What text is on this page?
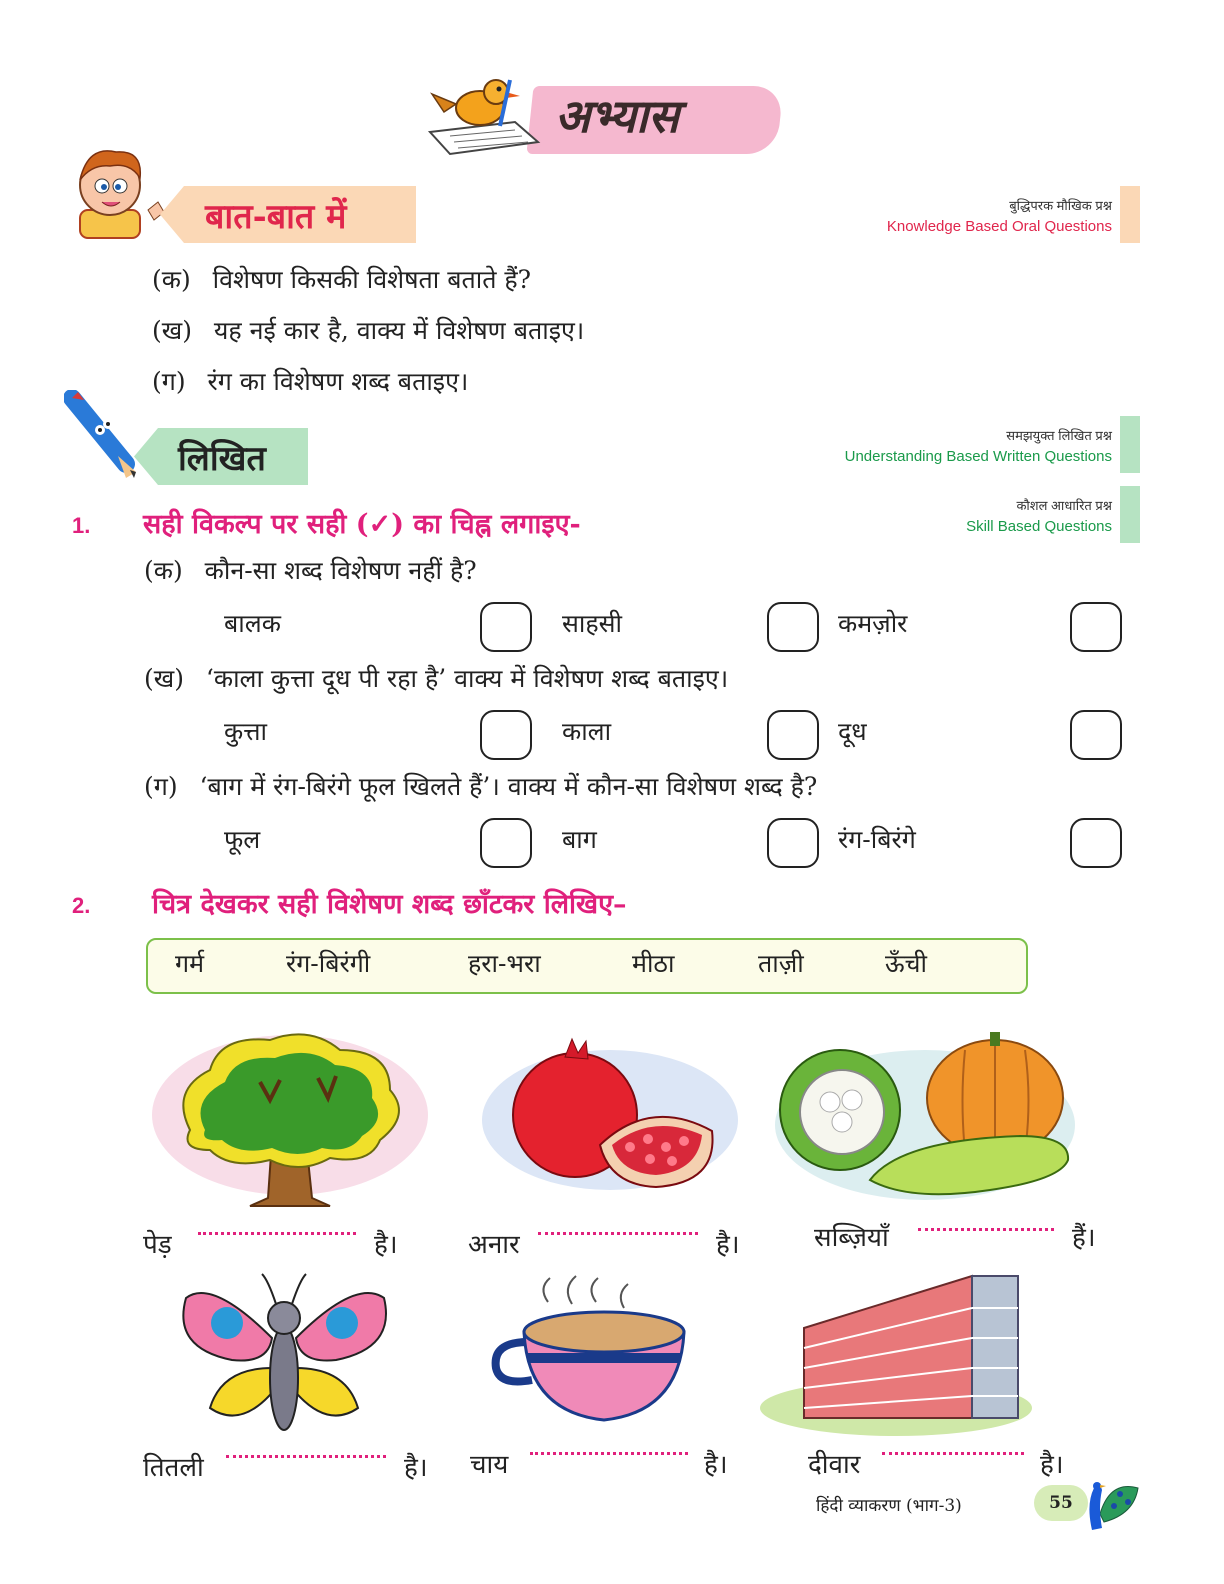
अभ्यास
बात-बात में	बुद्धिपरक मौखिक प्रश्न
Knowledge Based Oral Questions
(क) विशेषण किसकी विशेषता बताते हैं?
(ख) यह नई कार है, वाक्य में विशेषण बताइए।
(ग) रंग का विशेषण शब्द बताइए।
लिखित
समझयुक्त लिखित प्रश्न
Understanding Based Written Questions
कौशल आधारित प्रश्न
Skill Based Questions
1. सही विकल्प पर सही (✓) का चिह्न लगाइए-
(क) कौन-सा शब्द विशेषण नहीं है?
बालक	साहसी	कमज़ोर
(ख) ‘काला कुत्ता दूध पी रहा है’ वाक्य में विशेषण शब्द बताइए।
कुत्ता	काला	दूध
(ग) ‘बाग में रंग-बिरंगे फूल खिलते हैं’। वाक्य में कौन-सा विशेषण शब्द है?
फूल	बाग	रंग-बिरंगे
2. चित्र देखकर सही विशेषण शब्द छाँटकर लिखिए–
गर्म	रंग-बिरंगी	हरा-भरा	मीठा	ताज़ी	ऊँची
पेड़	है।	अनार	है।	सब्ज़ियाँ	हैं।
तितली	है। चाय	है।	दीवार	है।
हिंदी व्याकरण (भाग-3)	55
